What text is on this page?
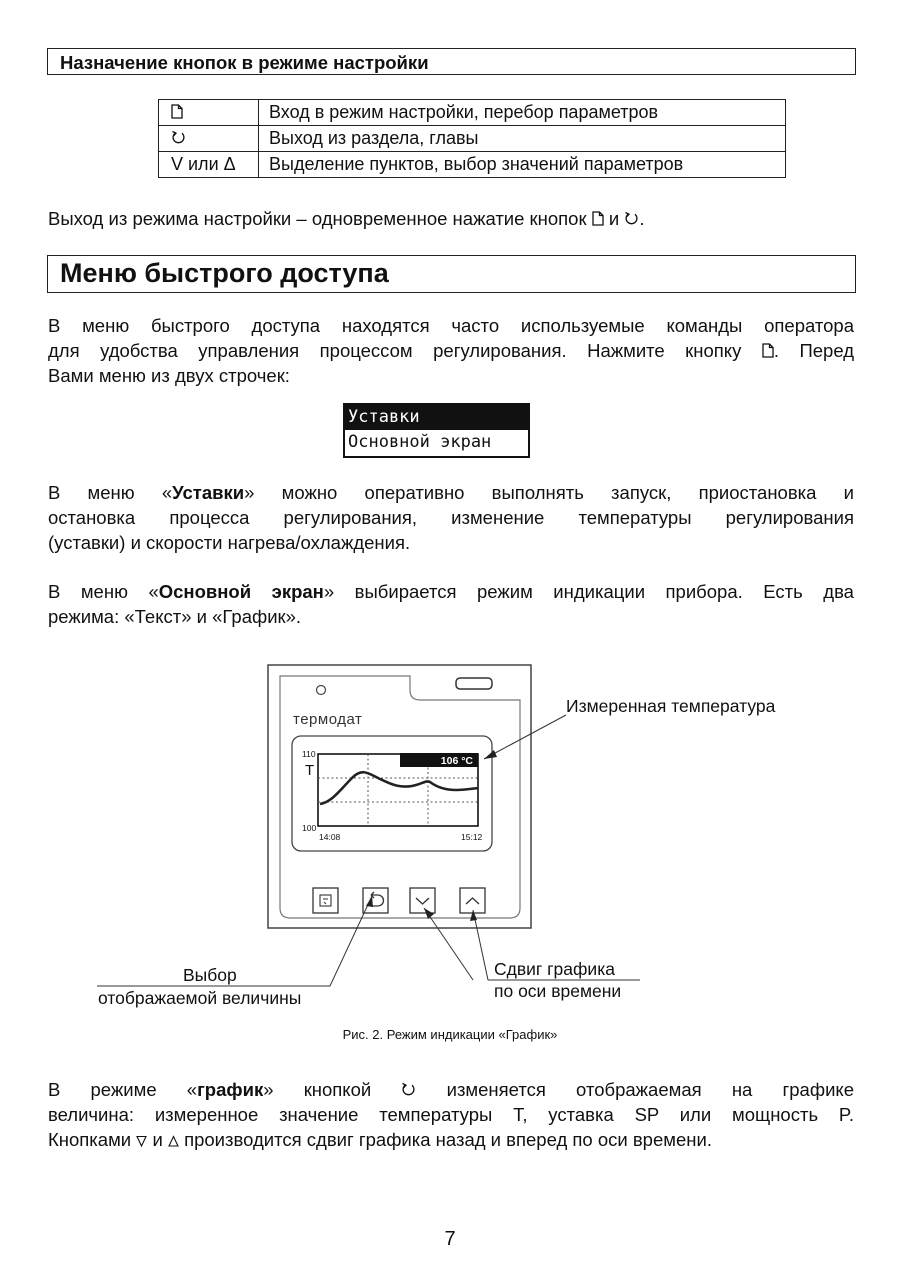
Назначение кнопок в режиме настройки
	Вход в режим настройки, перебор параметров
	Выход из раздела, главы
V или Δ	Выделение пунктов, выбор значений параметров
Выход из режима настройки – одновременное нажатие кнопок и .
Меню быстрого доступа
В меню быстрого доступа находятся часто используемые команды оператора
для удобства управления процессом регулирования. Нажмите кнопку . Перед
Вами меню из двух строчек:
Уставки
Основной экран
В меню «Уставки» можно оперативно выполнять запуск, приостановка и
остановка процесса регулирования, изменение температуры регулирования
(уставки) и скорости нагрева/охлаждения.
В меню «Основной экран» выбирается режим индикации прибора. Есть два
режима: «Текст» и «График».
термодат
106 °C
110
T
100
14:08	15:12
Измеренная температура
Выбор
отображаемой величины
Сдвиг графика
по оси времени
Рис. 2. Режим индикации «График»
В режиме «график» кнопкой	изменяется отображаемая на графике
величина: измеренное значение температуры T, уставка SP или мощность P.
Кнопками и производится сдвиг графика назад и вперед по оси времени.
7
